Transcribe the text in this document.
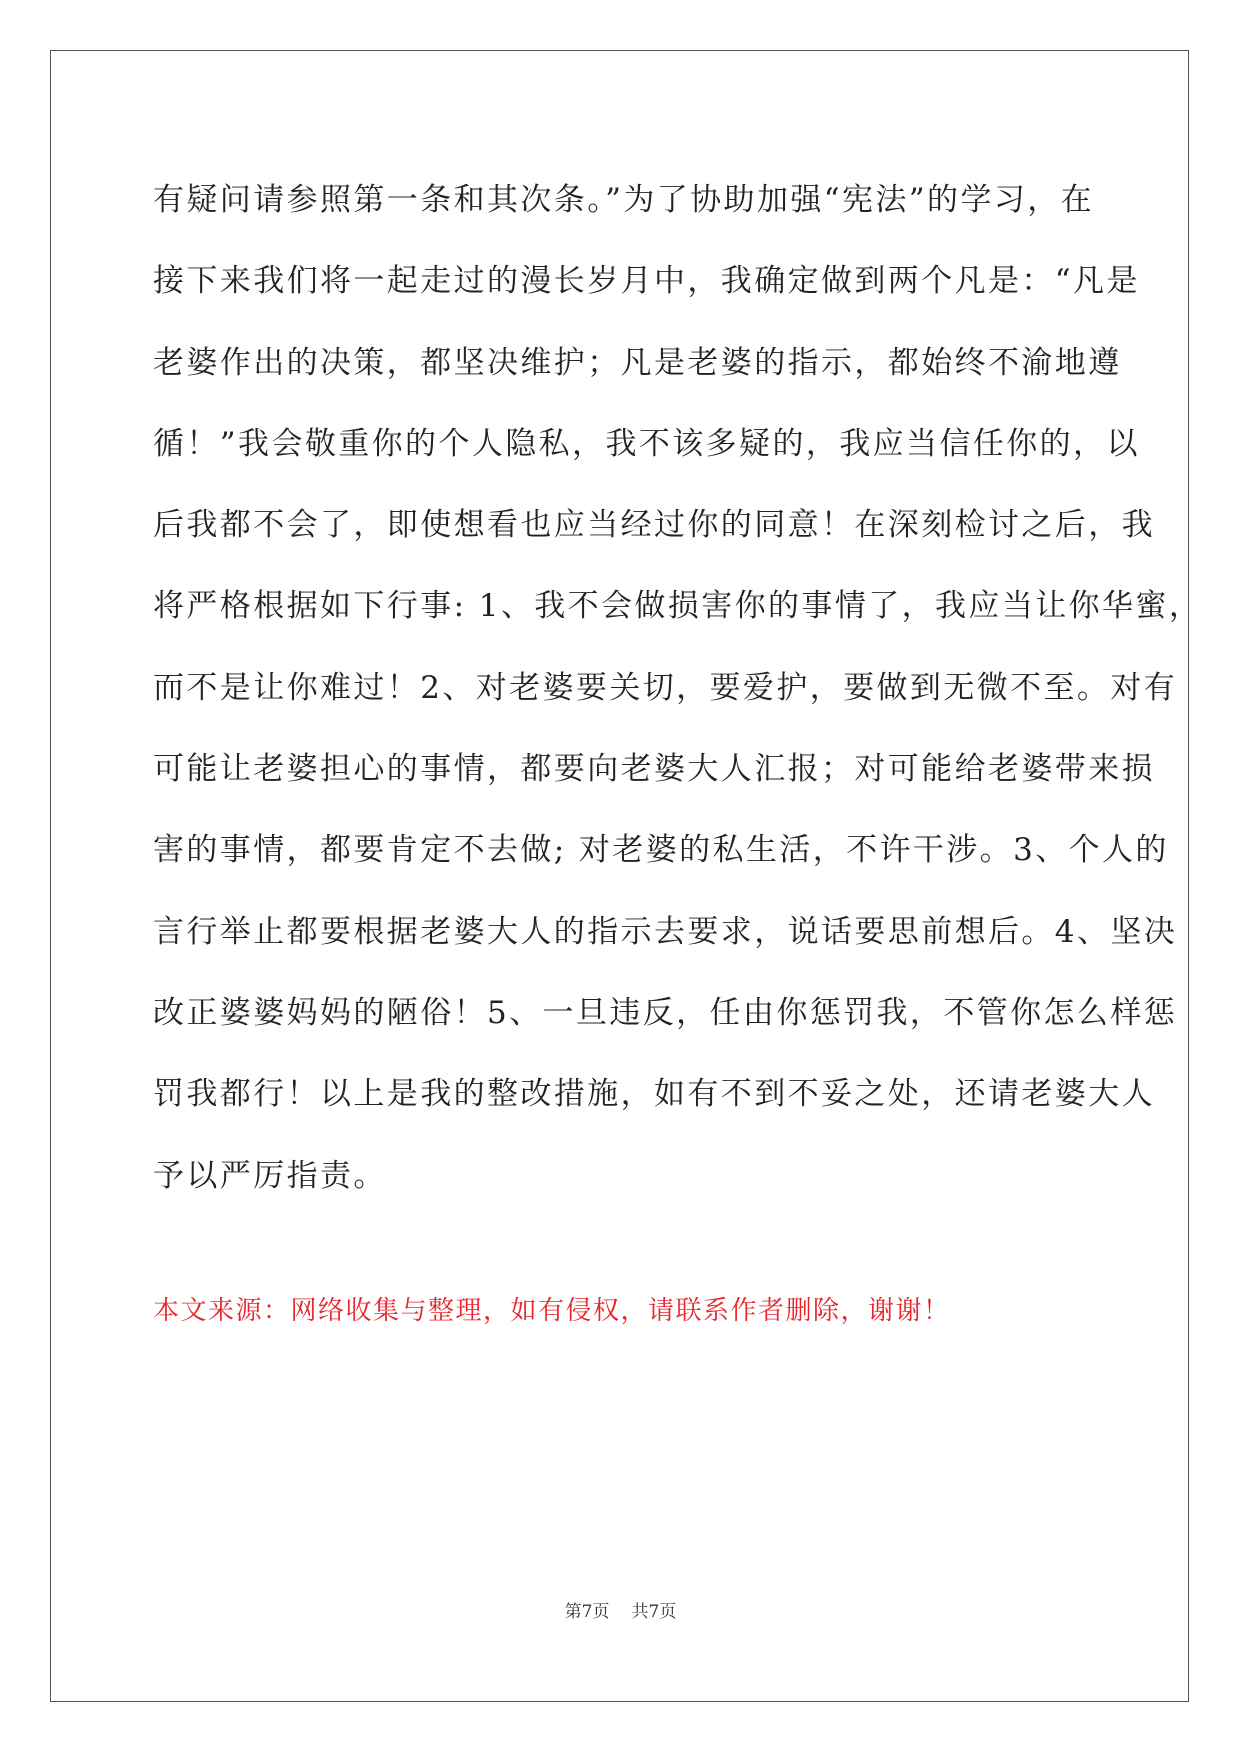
有疑问请参照第一条和其次条。”为了协助加强“宪法”的学习，在
接下来我们将一起走过的漫长岁月中，我确定做到两个凡是：“凡是
老婆作出的决策，都坚决维护；凡是老婆的指示，都始终不渝地遵
循！”我会敬重你的个人隐私，我不该多疑的，我应当信任你的，以
后我都不会了，即使想看也应当经过你的同意！在深刻检讨之后，我
将严格根据如下行事: 1、我不会做损害你的事情了，我应当让你华蜜，
而不是让你难过！2、对老婆要关切，要爱护，要做到无微不至。对有
可能让老婆担心的事情，都要向老婆大人汇报；对可能给老婆带来损
害的事情，都要肯定不去做; 对老婆的私生活，不许干涉。3、个人的
言行举止都要根据老婆大人的指示去要求，说话要思前想后。4、坚决
改正婆婆妈妈的陋俗！5、一旦违反，任由你惩罚我，不管你怎么样惩
罚我都行！以上是我的整改措施，如有不到不妥之处，还请老婆大人
予以严厉指责。
本文来源：网络收集与整理，如有侵权，请联系作者删除，谢谢！
第7页 共7页
